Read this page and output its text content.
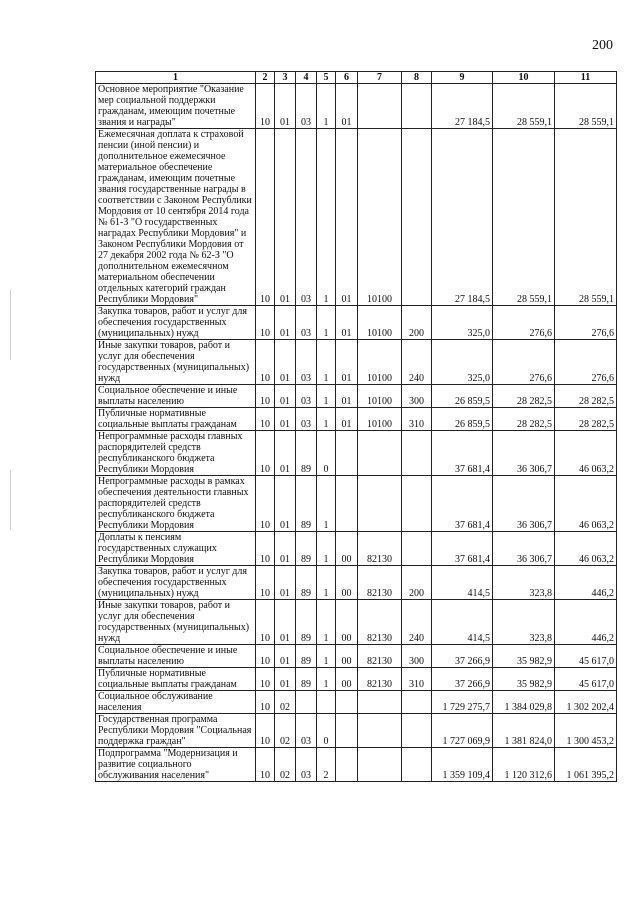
200
1	2	3	4	5	6	7	8	9	10	11
Основное мероприятие "Оказание мер социальной поддержки гражданам, имеющим почетные звания и награды"	10	01	03	1	01			27 184,5	28 559,1	28 559,1
Ежемесячная доплата к страховой пенсии (иной пенсии) и дополнительное ежемесячное материальное обеспечение гражданам, имеющим почетные звания государственные награды в соответствии с Законом Республики Мордовия от 10 сентября 2014 года № 61-З "О государственных наградах Республики Мордовия" и Законом Республики Мордовия от 27 декабря 2002 года № 62-З "О дополнительном ежемесячном материальном обеспечении отдельных категорий граждан Республики Мордовия"	10	01	03	1	01	10100		27 184,5	28 559,1	28 559,1
Закупка товаров, работ и услуг для обеспечения государственных (муниципальных) нужд	10	01	03	1	01	10100	200	325,0	276,6	276,6
Иные закупки товаров, работ и услуг для обеспечения государственных (муниципальных) нужд	10	01	03	1	01	10100	240	325,0	276,6	276,6
Социальное обеспечение и иные выплаты населению	10	01	03	1	01	10100	300	26 859,5	28 282,5	28 282,5
Публичные нормативные социальные выплаты гражданам	10	01	03	1	01	10100	310	26 859,5	28 282,5	28 282,5
Непрограммные расходы главных распорядителей средств республиканского бюджета Республики Мордовия	10	01	89	0				37 681,4	36 306,7	46 063,2
Непрограммные расходы в рамках обеспечения деятельности главных распорядителей средств республиканского бюджета Республики Мордовия	10	01	89	1				37 681,4	36 306,7	46 063,2
Доплаты к пенсиям государственных служащих Республики Мордовия	10	01	89	1	00	82130		37 681,4	36 306,7	46 063,2
Закупка товаров, работ и услуг для обеспечения государственных (муниципальных) нужд	10	01	89	1	00	82130	200	414,5	323,8	446,2
Иные закупки товаров, работ и услуг для обеспечения государственных (муниципальных) нужд	10	01	89	1	00	82130	240	414,5	323,8	446,2
Социальное обеспечение и иные выплаты населению	10	01	89	1	00	82130	300	37 266,9	35 982,9	45 617,0
Публичные нормативные социальные выплаты гражданам	10	01	89	1	00	82130	310	37 266,9	35 982,9	45 617,0
Социальное обслуживание населения	10	02						1 729 275,7	1 384 029,8	1 302 202,4
Государственная программа Республики Мордовия "Социальная поддержка граждан"	10	02	03	0				1 727 069,9	1 381 824,0	1 300 453,2
Подпрограмма "Модернизация и развитие социального обслуживания населения"	10	02	03	2				1 359 109,4	1 120 312,6	1 061 395,2
